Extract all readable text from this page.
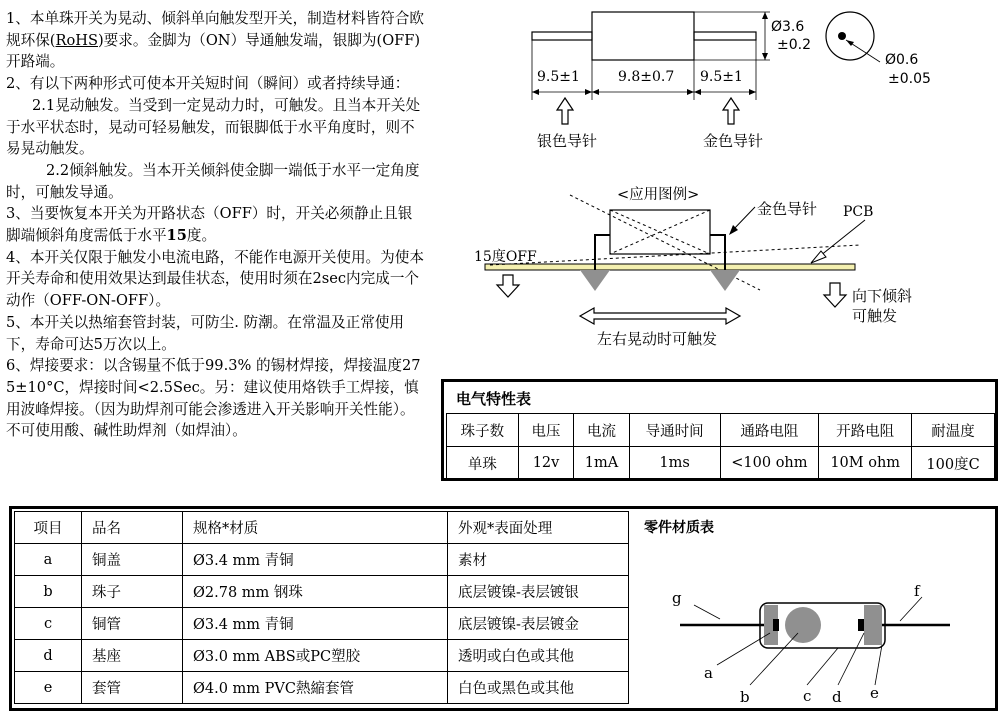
1、本单珠开关为晃动、倾斜单向触发型开关，制造材料皆符合欧规环保(RoHS)要求。金脚为（ON）导通触发端，银脚为(OFF)开路端。
2、有以下两种形式可使本开关短时间（瞬间）或者持续导通：
2.1晃动触发。当受到一定晃动力时，可触发。且当本开关处于水平状态时，晃动可轻易触发，而银脚低于水平角度时，则不易晃动触发。
2.2倾斜触发。当本开关倾斜使金脚一端低于水平一定角度时，可触发导通。
3、当要恢复本开关为开路状态（OFF）时，开关必须静止且银脚端倾斜角度需低于水平15度。
4、本开关仅限于触发小电流电路，不能作电源开关使用。为使本开关寿命和使用效果达到最佳状态，使用时须在2sec内完成一个动作（OFF-ON-OFF）。
5、本开关以热缩套管封装，可防尘. 防潮。在常温及正常使用下，寿命可达5万次以上。
6、焊接要求：以含锡量不低于99.3% 的锡材焊接，焊接温度275±10°C，焊接时间<2.5Sec。另：建议使用烙铁手工焊接，慎用波峰焊接。（因为助焊剂可能会渗透进入开关影响开关性能）。不可使用酸、碱性助焊剂（如焊油）。
Ø3.6
±0.2
Ø0.6
±0.05
9.5±1	9.8±0.7 9.5±1
银色导针	金色导针
<应用图例>
金色导针 PCB
15度OFF
向下倾斜
可触发
左右晃动时可触发
电气特性表
珠子数	电压	电流	导通时间	通路电阻	开路电阻	耐温度
单珠	12v	1mA	1ms	<100 ohm	10M ohm	100度C
项目	品名	规格*材质	外观*表面处理
a	铜盖	Ø3.4 mm 青铜	素材
b	珠子	Ø2.78 mm 钢珠	底层镀镍-表层镀银
c	铜管	Ø3.4 mm 青铜	底层镀镍-表层镀金
d	基座	Ø3.0 mm ABS或PC塑胶	透明或白色或其他
e	套管	Ø4.0 mm PVC熱縮套管	白色或黑色或其他
零件材质表
g	f
a
b	c d e
